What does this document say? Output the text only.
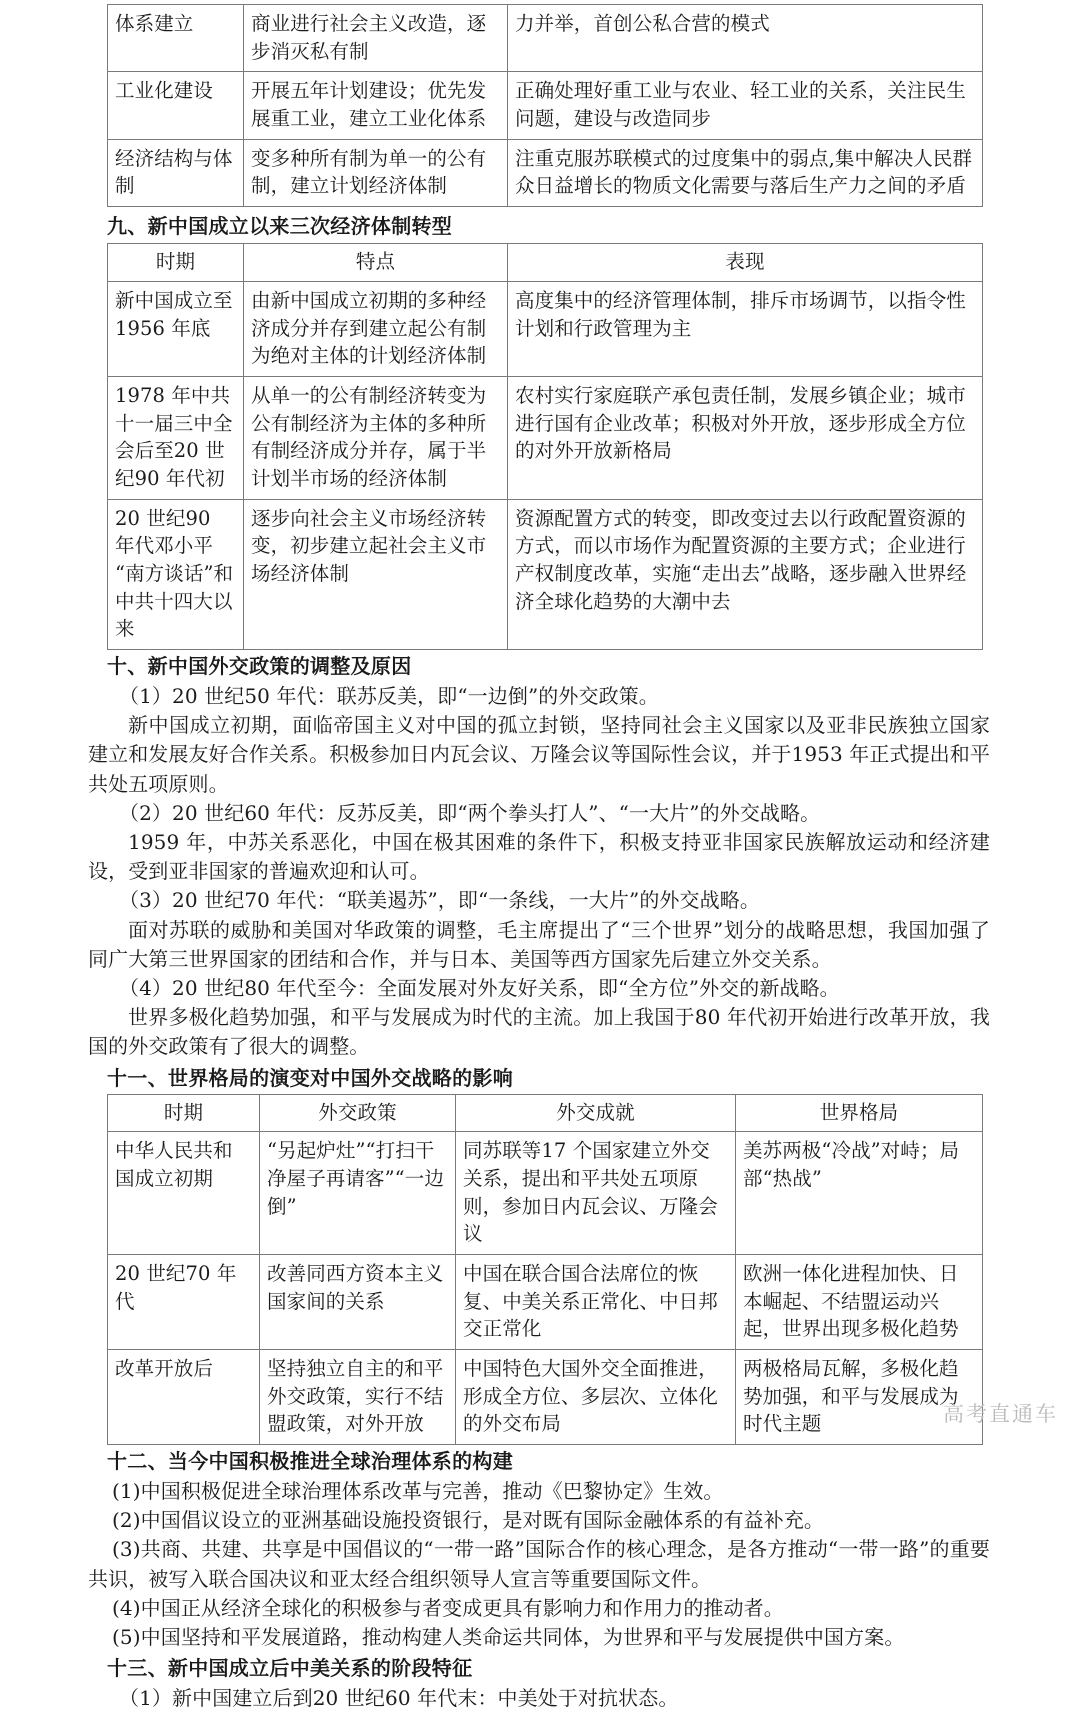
体系建立	商业进行社会主义改造，逐步消灭私有制	力并举，首创公私合营的模式
工业化建设	开展五年计划建设；优先发展重工业，建立工业化体系	正确处理好重工业与农业、轻工业的关系，关注民生问题，建设与改造同步
经济结构与体制	变多种所有制为单一的公有制，建立计划经济体制	注重克服苏联模式的过度集中的弱点,集中解决人民群众日益增长的物质文化需要与落后生产力之间的矛盾
九、新中国成立以来三次经济体制转型
时期	特点	表现
新中国成立至1956 年底	由新中国成立初期的多种经济成分并存到建立起公有制为绝对主体的计划经济体制	高度集中的经济管理体制，排斥市场调节，以指令性计划和行政管理为主
1978 年中共十一届三中全会后至20 世纪90 年代初	从单一的公有制经济转变为公有制经济为主体的多种所有制经济成分并存，属于半计划半市场的经济体制	农村实行家庭联产承包责任制，发展乡镇企业；城市进行国有企业改革；积极对外开放，逐步形成全方位的对外开放新格局
20 世纪90 年代邓小平“南方谈话”和中共十四大以来	逐步向社会主义市场经济转变，初步建立起社会主义市场经济体制	资源配置方式的转变，即改变过去以行政配置资源的方式，而以市场作为配置资源的主要方式；企业进行产权制度改革，实施“走出去”战略，逐步融入世界经济全球化趋势的大潮中去
十、新中国外交政策的调整及原因

（1）20 世纪50 年代：联苏反美，即“一边倒”的外交政策。

新中国成立初期，面临帝国主义对中国的孤立封锁，坚持同社会主义国家以及亚非民族独立国家建立和发展友好合作关系。积极参加日内瓦会议、万隆会议等国际性会议，并于1953 年正式提出和平共处五项原则。

（2）20 世纪60 年代：反苏反美，即“两个拳头打人”、“一大片”的外交战略。

1959 年，中苏关系恶化，中国在极其困难的条件下，积极支持亚非国家民族解放运动和经济建设，受到亚非国家的普遍欢迎和认可。

（3）20 世纪70 年代：“联美遏苏”，即“一条线，一大片”的外交战略。

面对苏联的威胁和美国对华政策的调整，毛主席提出了“三个世界”划分的战略思想，我国加强了同广大第三世界国家的团结和合作，并与日本、美国等西方国家先后建立外交关系。

（4）20 世纪80 年代至今：全面发展对外友好关系，即“全方位”外交的新战略。

世界多极化趋势加强，和平与发展成为时代的主流。加上我国于80 年代初开始进行改革开放，我国的外交政策有了很大的调整。

十一、世界格局的演变对中国外交战略的影响
时期	外交政策	外交成就	世界格局
中华人民共和国成立初期	“另起炉灶”“打扫干净屋子再请客”“一边倒”	同苏联等17 个国家建立外交关系，提出和平共处五项原则，参加日内瓦会议、万隆会议	美苏两极“冷战”对峙；局部“热战”
20 世纪70 年代	改善同西方资本主义国家间的关系	中国在联合国合法席位的恢复、中美关系正常化、中日邦交正常化	欧洲一体化进程加快、日本崛起、不结盟运动兴起，世界出现多极化趋势
改革开放后	坚持独立自主的和平外交政策，实行不结盟政策，对外开放	中国特色大国外交全面推进，形成全方位、多层次、立体化的外交布局	两极格局瓦解，多极化趋势加强，和平与发展成为时代主题
十二、当今中国积极推进全球治理体系的构建

(1)中国积极促进全球治理体系改革与完善，推动《巴黎协定》生效。

(2)中国倡议设立的亚洲基础设施投资银行，是对既有国际金融体系的有益补充。

(3)共商、共建、共享是中国倡议的“一带一路”国际合作的核心理念，是各方推动“一带一路”的重要共识，被写入联合国决议和亚太经合组织领导人宣言等重要国际文件。

(4)中国正从经济全球化的积极参与者变成更具有影响力和作用力的推动者。

(5)中国坚持和平发展道路，推动构建人类命运共同体，为世界和平与发展提供中国方案。

十三、新中国成立后中美关系的阶段特征

（1）新中国建立后到20 世纪60 年代末：中美处于对抗状态。

高考直通车
